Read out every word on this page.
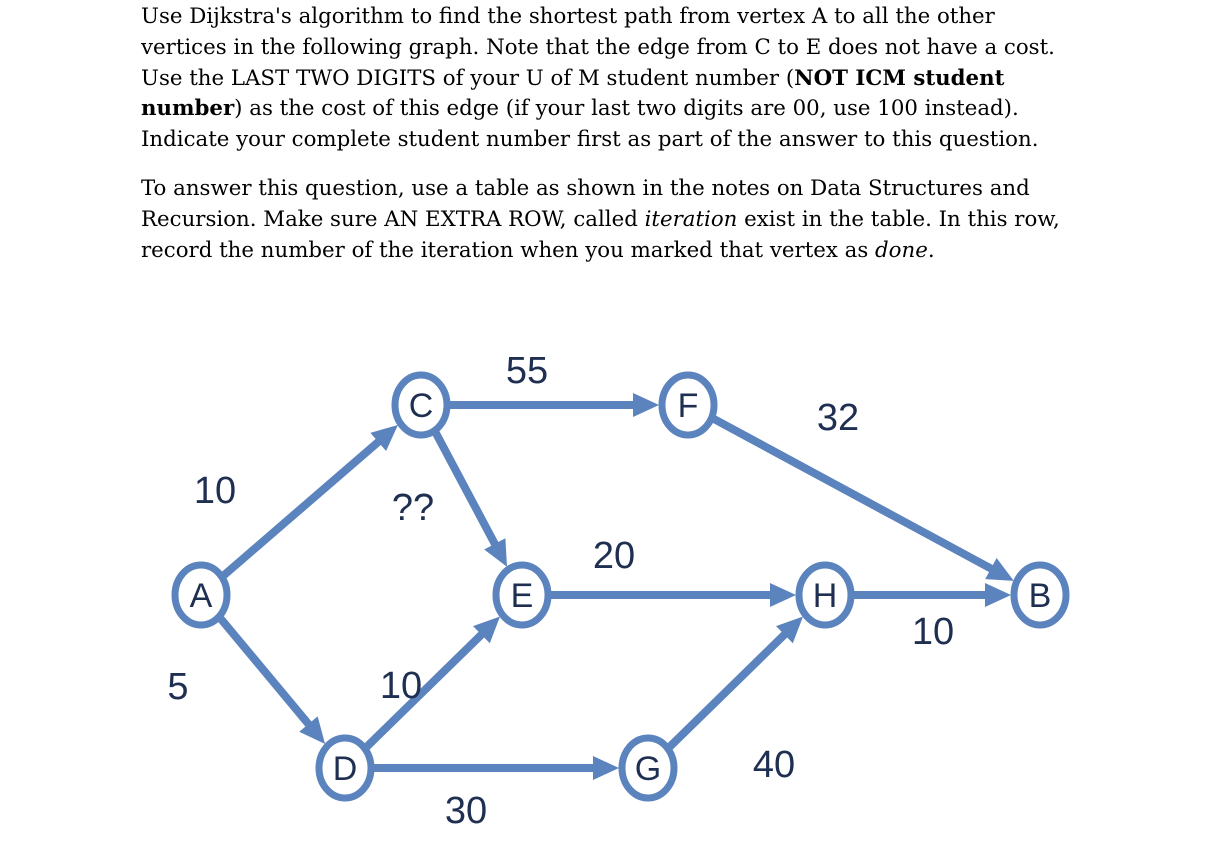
Use Dijkstra's algorithm to find the shortest path from vertex A to all the other
vertices in the following graph. Note that the edge from C to E does not have a cost.
Use the LAST TWO DIGITS of your U of M student number (NOT ICM student
number) as the cost of this edge (if your last two digits are 00, use 100 instead).
Indicate your complete student number first as part of the answer to this question.

To answer this question, use a table as shown in the notes on Data Structures and
Recursion. Make sure AN EXTRA ROW, called iteration exist in the table. In this row,
record the number of the iteration when you marked that vertex as done.

A
C
D
E
F
G
H	B
10
5
55
??
10
30
20
32
40
10
